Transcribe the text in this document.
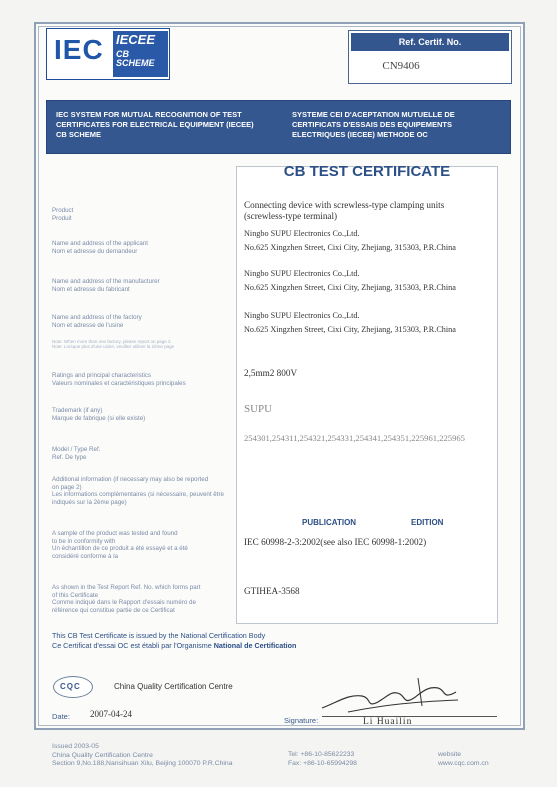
IEC IECEE
CB
SCHEME
Ref. Certif. No.
CN9406
IEC SYSTEM FOR MUTUAL RECOGNITION OF TEST CERTIFICATES FOR ELECTRICAL EQUIPMENT (IECEE) CB SCHEME
SYSTEME CEI D'ACEPTATION MUTUELLE DE CERTIFICATS D'ESSAIS DES EQUIPEMENTS ELECTRIQUES (IECEE) METHODE OC
CB TEST CERTIFICATE
Product
Produit
Connecting device with screwless-type clamping units
(screwless-type terminal)
Name and address of the applicant
Nom et adresse du demandeur
Ningbo SUPU Electronics Co.,Ltd.
No.625 Xingzhen Street, Cixi City, Zhejiang, 315303, P.R.China
Name and address of the manufacturer
Nom et adresse du fabricant
Ningbo SUPU Electronics Co.,Ltd.
No.625 Xingzhen Street, Cixi City, Zhejiang, 315303, P.R.China
Name and address of the factory
Nom et adresse de l'usine
Note: When more than one factory, please report on page 2
Note: Lorsque plus d'une usine, veuillez utiliser la 2ème page
Ningbo SUPU Electronics Co.,Ltd.
No.625 Xingzhen Street, Cixi City, Zhejiang, 315303, P.R.China
Ratings and principal characteristics
Valeurs nominales et caractéristiques principales
2,5mm2 800V
Trademark (if any)
Marque de fabrique (si elle existe)
SUPU
Model / Type Ref.
Ref. De type
254301,254311,254321,254331,254341,254351,225961,225965
Additional information (if necessary may also be reported
on page 2)
Les informations complémentaires (si nécessaire, peuvent être
indiqués sur la 2ème page)
PUBLICATION	EDITION
A sample of the product was tested and found
to be in conformity with
Un échantillon de ce produit a été essayé et a été
considéré conforme à la
IEC 60998-2-3:2002(see also IEC 60998-1:2002)
As shown in the Test Report Ref. No. which forms part
of this Certificate
Comme indiqué dans le Rapport d'essais numéro de
référence qui constitue partie de ce Certificat
GTIHEA-3568
This CB Test Certificate is issued by the National Certification Body
Ce Certificat d'essai OC est établi par l'Organisme National de Certification
CQC	China Quality Certification Centre
Date: 2007-04-24
Signature:	Li Huailin
Issued 2003-05
China Quality Certification Centre
Section 9,No.188,Nansihuan Xilu, Beijing 100070 P.R.China
Tel: +86-10-85622233
Fax: +86-10-65994298
website
www.cqc.com.cn
